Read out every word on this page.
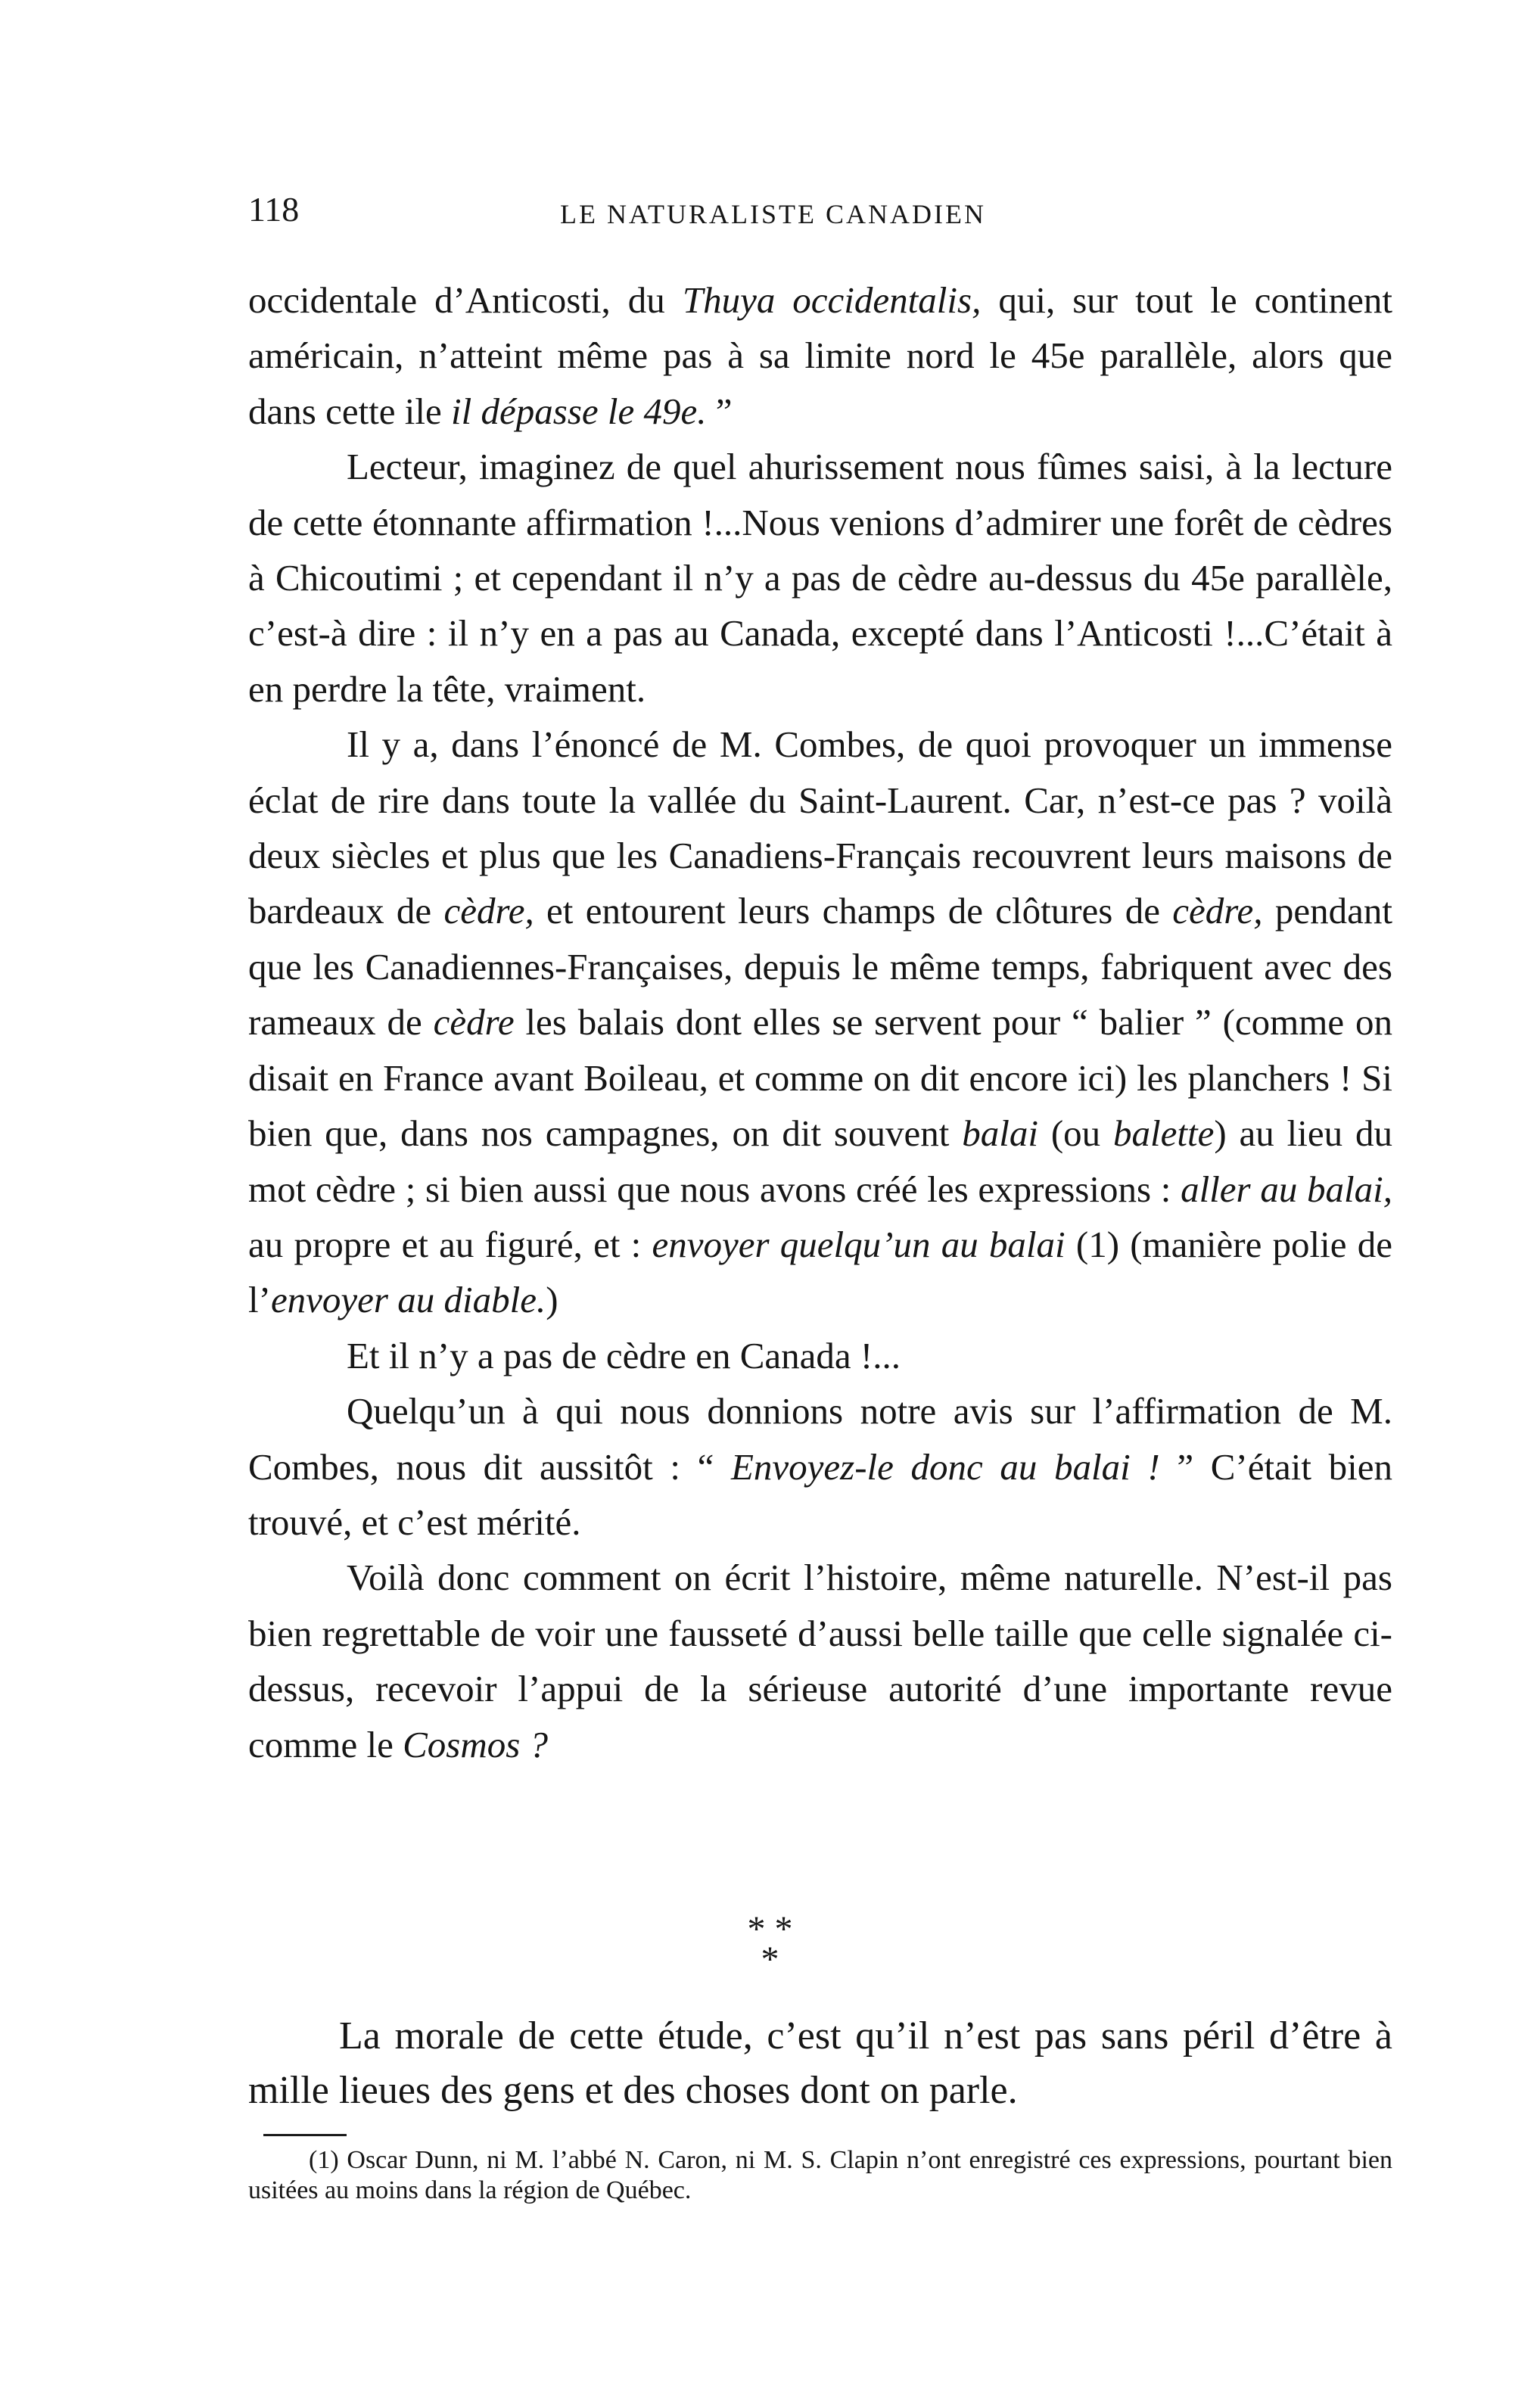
118	LE NATURALISTE CANADIEN

occidentale d’Anticosti, du Thuya occidentalis, qui, sur tout le continent américain, n’atteint même pas à sa limite nord le 45e parallèle, alors que dans cette ile il dépasse le 49e. ”

Lecteur, imaginez de quel ahurissement nous fûmes saisi, à la lecture de cette étonnante affirmation !...Nous venions d’admirer une forêt de cèdres à Chicoutimi ; et cependant il n’y a pas de cèdre au-dessus du 45e parallèle, c’est-à dire : il n’y en a pas au Canada, excepté dans l’Anticosti !...C’était à en perdre la tête, vraiment.

Il y a, dans l’énoncé de M. Combes, de quoi provoquer un immense éclat de rire dans toute la vallée du Saint-Laurent. Car, n’est-ce pas ? voilà deux siècles et plus que les Canadiens-Français recouvrent leurs maisons de bardeaux de cèdre, et entourent leurs champs de clôtures de cèdre, pendant que les Canadiennes-Françaises, depuis le même temps, fabriquent avec des rameaux de cèdre les balais dont elles se servent pour “ balier ” (comme on disait en France avant Boileau, et comme on dit encore ici) les planchers ! Si bien que, dans nos campagnes, on dit souvent balai (ou balette) au lieu du mot cèdre ; si bien aussi que nous avons créé les expressions : aller au balai, au propre et au figuré, et : envoyer quelqu’un au balai (1) (manière polie de l’envoyer au diable.)

Et il n’y a pas de cèdre en Canada !...

Quelqu’un à qui nous donnions notre avis sur l’affirmation de M. Combes, nous dit aussitôt : “ Envoyez-le donc au balai ! ” C’était bien trouvé, et c’est mérité.

Voilà donc comment on écrit l’histoire, même naturelle. N’est-il pas bien regrettable de voir une fausseté d’aussi belle taille que celle signalée ci-dessus, recevoir l’appui de la sérieuse autorité d’une importante revue comme le Cosmos ?

* *
*

La morale de cette étude, c’est qu’il n’est pas sans péril d’être à mille lieues des gens et des choses dont on parle.

(1) Oscar Dunn, ni M. l’abbé N. Caron, ni M. S. Clapin n’ont enregistré ces expressions, pourtant bien usitées au moins dans la région de Québec.
